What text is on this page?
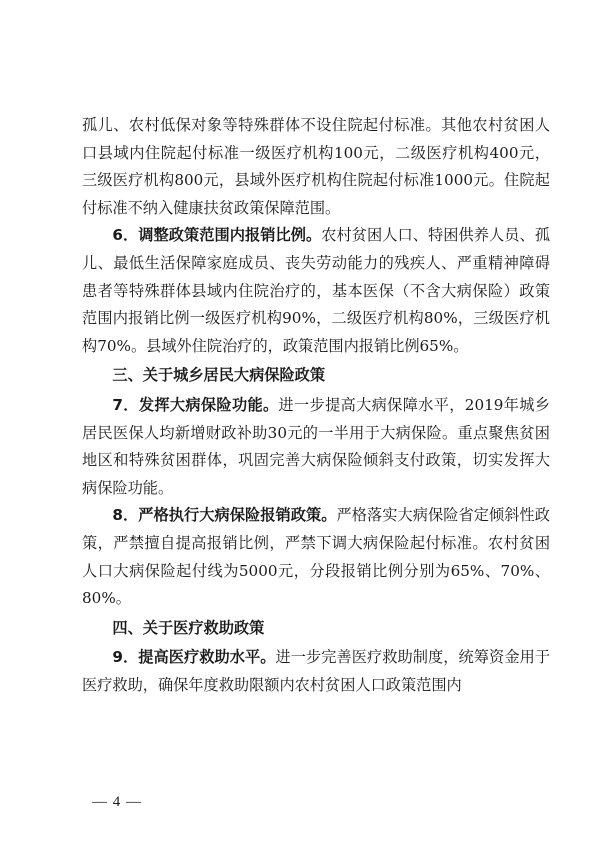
孤儿、农村低保对象等特殊群体不设住院起付标准。其他农村贫困人口县域内住院起付标准一级医疗机构100元，二级医疗机构400元，三级医疗机构800元，县域外医疗机构住院起付标准1000元。住院起付标准不纳入健康扶贫政策保障范围。

6．调整政策范围内报销比例。农村贫困人口、特困供养人员、孤儿、最低生活保障家庭成员、丧失劳动能力的残疾人、严重精神障碍患者等特殊群体县域内住院治疗的，基本医保（不含大病保险）政策范围内报销比例一级医疗机构90%，二级医疗机构80%，三级医疗机构70%。县域外住院治疗的，政策范围内报销比例65%。

三、关于城乡居民大病保险政策

7．发挥大病保险功能。进一步提高大病保障水平，2019年城乡居民医保人均新增财政补助30元的一半用于大病保险。重点聚焦贫困地区和特殊贫困群体，巩固完善大病保险倾斜支付政策，切实发挥大病保险功能。

8．严格执行大病保险报销政策。严格落实大病保险省定倾斜性政策，严禁擅自提高报销比例，严禁下调大病保险起付标准。农村贫困人口大病保险起付线为5000元，分段报销比例分别为65%、70%、80%。

四、关于医疗救助政策

9．提高医疗救助水平。进一步完善医疗救助制度，统筹资金用于医疗救助，确保年度救助限额内农村贫困人口政策范围内

— 4 —
